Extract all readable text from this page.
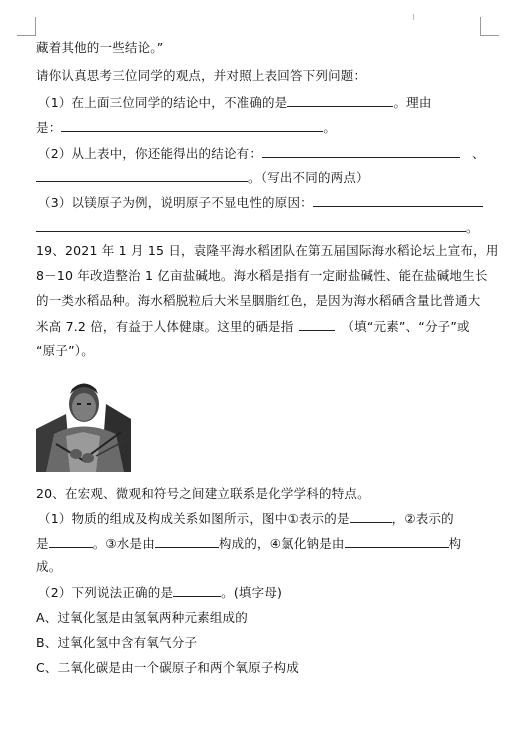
藏着其他的一些结论。”
请你认真思考三位同学的观点，并对照上表回答下列问题：
（1）在上面三位同学的结论中，不准确的是	。理由
是：	。
（2）从上表中，你还能得出的结论有：	、
。（写出不同的两点）
（3）以镁原子为例，说明原子不显电性的原因：
。
19、2021 年 1 月 15 日，袁隆平海水稻团队在第五届国际海水稻论坛上宣布，用
8－10 年改造整治 1 亿亩盐碱地。海水稻是指有一定耐盐碱性、能在盐碱地生长
的一类水稻品种。海水稻脱粒后大米呈胭脂红色，是因为海水稻硒含量比普通大
米高 7.2 倍，有益于人体健康。这里的硒是指	（填“元素”、“分子”或
“原子”）。
20、在宏观、微观和符号之间建立联系是化学学科的特点。
（1）物质的组成及构成关系如图所示，图中①表示的是	，②表示的
是	。③水是由	构成的，④氯化钠是由	构
成。
（2）下列说法正确的是	。(填字母)
A、过氧化氢是由氢氧两种元素组成的
B、过氧化氢中含有氧气分子
C、二氧化碳是由一个碳原子和两个氧原子构成
